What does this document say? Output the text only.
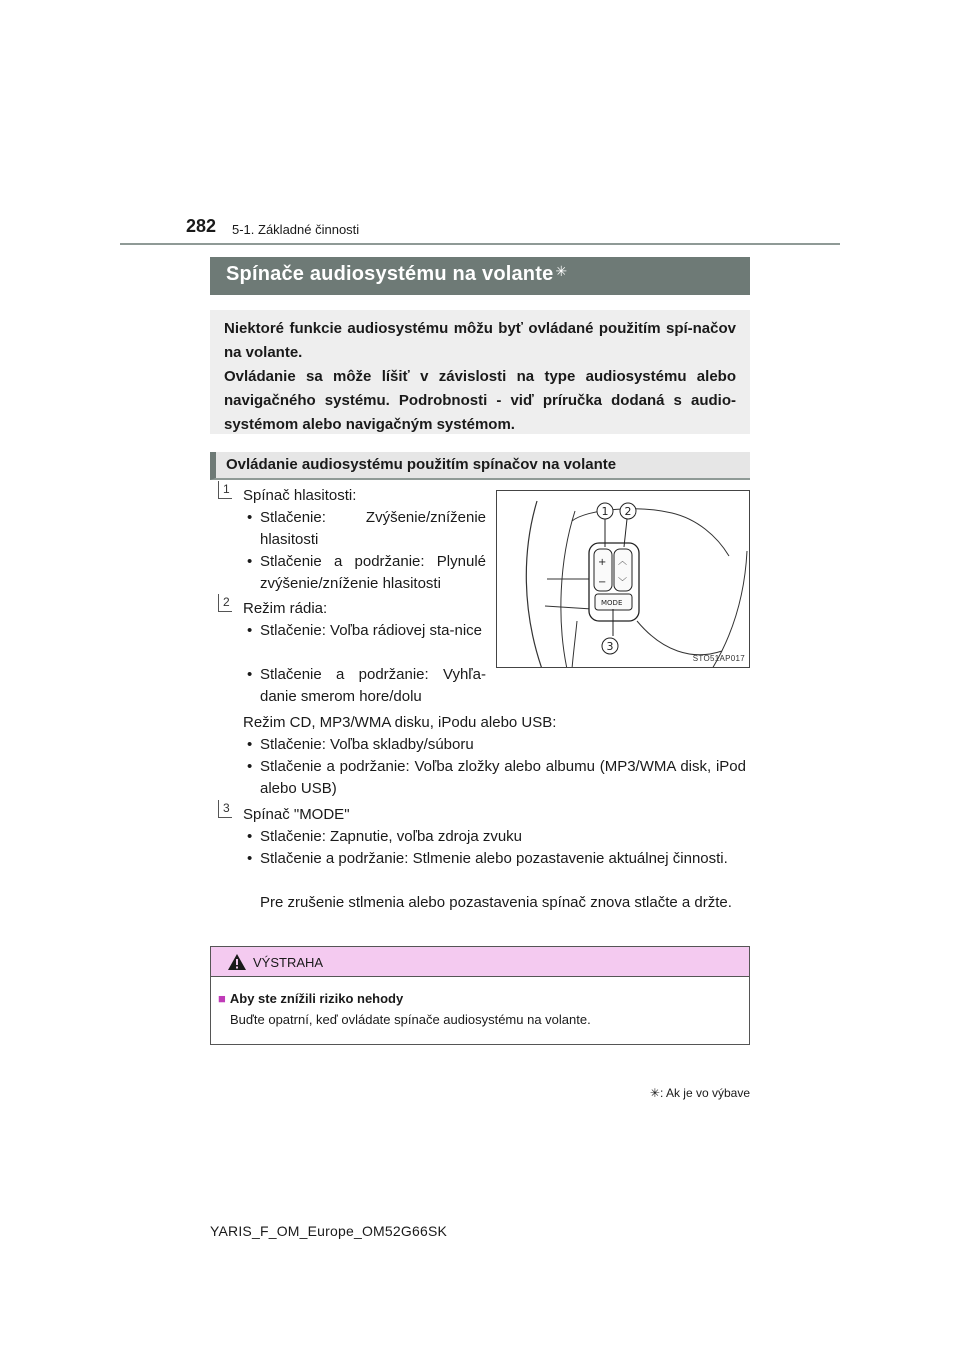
282 5-1. Základné činnosti
Spínače audiosystému na volante ✳

Niektoré funkcie audiosystému môžu byť ovládané použitím spí-načov na volante.

Ovládanie sa môže líšiť v závislosti na type audiosystému alebo navigačného systému. Podrobnosti - viď príručka dodaná s audio-systémom alebo navigačným systémom.

Ovládanie audiosystému použitím spínačov na volante
1 Spínač hlasitosti:
• Stlačenie: Zvýšenie/zníženie hlasitosti
• Stlačenie a podržanie: Plynulé zvýšenie/zníženie hlasitosti
2 Režim rádia:
• Stlačenie: Voľba rádiovej sta-nice
• Stlačenie a podržanie: Vyhľa-danie smerom hore/dolu
Režim CD, MP3/WMA disku, iPodu alebo USB:
• Stlačenie: Voľba skladby/súboru
• Stlačenie a podržanie: Voľba zložky alebo albumu (MP3/WMA disk, iPod alebo USB)
3 Spínač "MODE"
• Stlačenie: Zapnutie, voľba zdroja zvuku
• Stlačenie a podržanie: Stlmenie alebo pozastavenie aktuálnej činnosti.
Pre zrušenie stlmenia alebo pozastavenia spínač znova stlačte a držte.
+
−
︿
﹀
MODE
1 2
3
STO51AP017
VÝSTRAHA
■ Aby ste znížili riziko nehody
Buďte opatrní, keď ovládate spínače audiosystému na volante.
✳: Ak je vo výbave
YARIS_F_OM_Europe_OM52G66SK
